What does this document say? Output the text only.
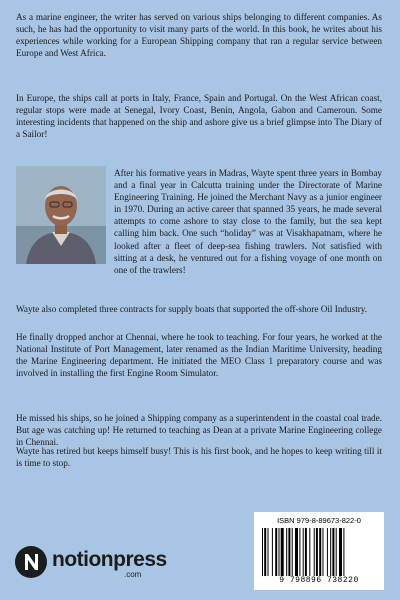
As a marine engineer, the writer has served on various ships belonging to different companies. As such, he has had the opportunity to visit many parts of the world. In this book, he writes about his experiences while working for a European Shipping company that ran a regular service between Europe and West Africa.

In Europe, the ships call at ports in Italy, France, Spain and Portugal. On the West African coast, regular stops were made at Senegal, Ivory Coast, Benin, Angola, Gabon and Cameroun. Some interesting incidents that happened on the ship and ashore give us a brief glimpse into The Diary of a Sailor!

After his formative years in Madras, Wayte spent three years in Bombay and a final year in Calcutta training under the Directorate of Marine Engineering Training. He joined the Merchant Navy as a junior engineer in 1970. During an active career that spanned 35 years, he made several attempts to come ashore to stay close to the family, but the sea kept calling him back. One such “holiday” was at Visakhapatnam, where he looked after a fleet of deep-sea fishing trawlers. Not satisfied with sitting at a desk, he ventured out for a fishing voyage of one month on one of the trawlers!

Wayte also completed three contracts for supply boats that supported the off-shore Oil Industry.

He finally dropped anchor at Chennai, where he took to teaching. For four years, he worked at the National Institute of Port Management, later renamed as the Indian Maritime University, heading the Marine Engineering department. He initiated the MEO Class 1 preparatory course and was involved in installing the first Engine Room Simulator.

He missed his ships, so he joined a Shipping company as a superintendent in the coastal coal trade. But age was catching up! He returned to teaching as Dean at a private Marine Engineering college in Chennai.

Wayte has retired but keeps himself busy! This is his first book, and he hopes to keep writing till it is time to stop.

notionpress
.com
ISBN 979-8-89673-822-0
9 798896 738220
